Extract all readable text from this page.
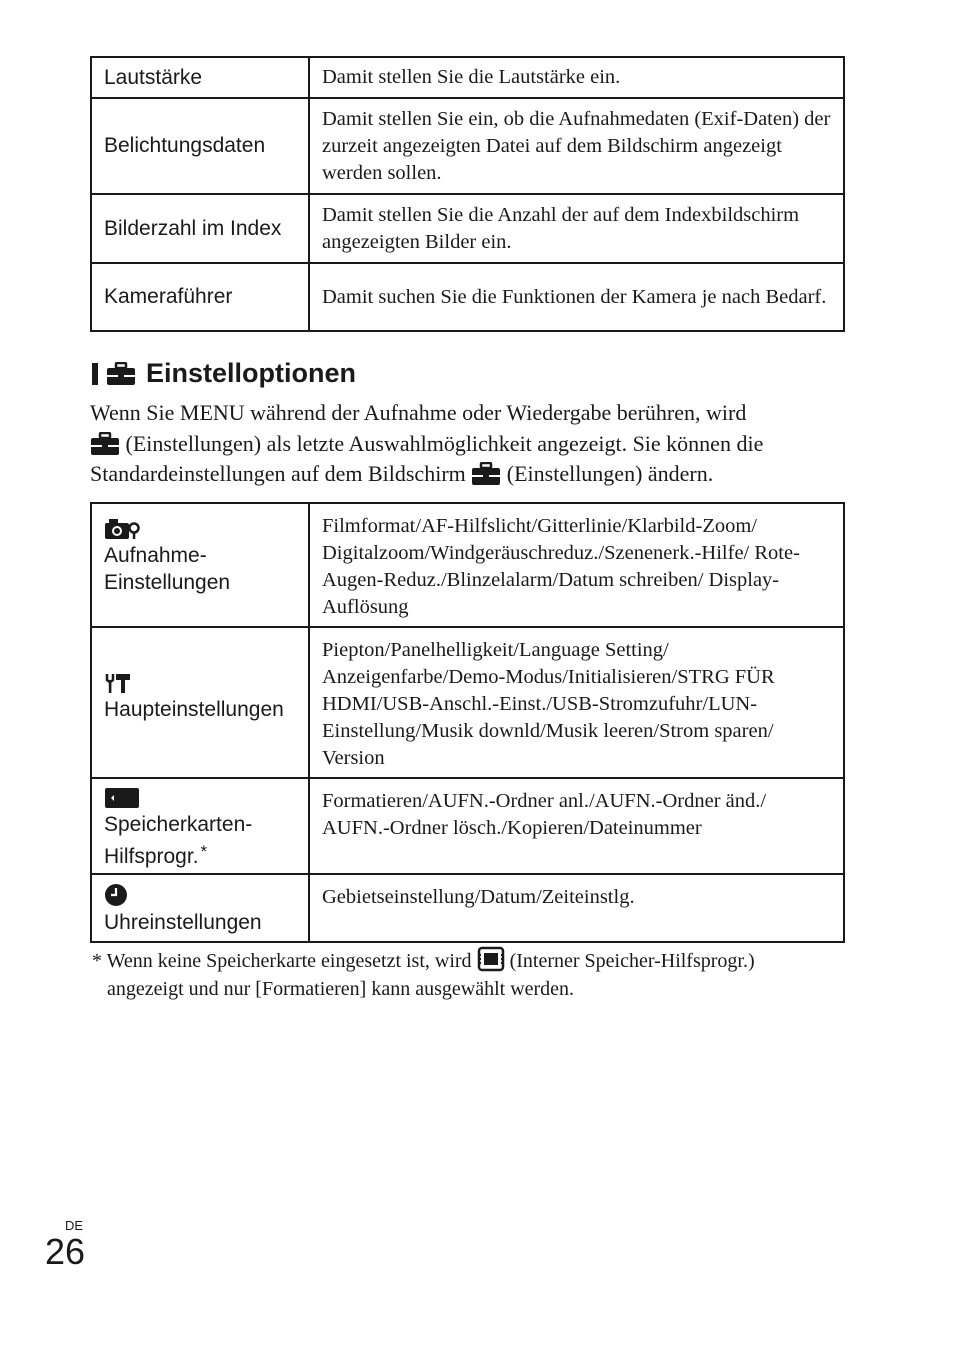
Lautstärke	Damit stellen Sie die Lautstärke ein.
Belichtungsdaten	Damit stellen Sie ein, ob die Aufnahmedaten (Exif-Daten) der zurzeit angezeigten Datei auf dem Bildschirm angezeigt werden sollen.
Bilderzahl im Index	Damit stellen Sie die Anzahl der auf dem Indexbildschirm angezeigten Bilder ein.
Kameraführer	Damit suchen Sie die Funktionen der Kamera je nach Bedarf.
Einstelloptionen
Wenn Sie MENU während der Aufnahme oder Wiedergabe berühren, wird
(Einstellungen) als letzte Auswahlmöglichkeit angezeigt. Sie können die Standardeinstellungen auf dem Bildschirm (Einstellungen) ändern.
Aufnahme-
Einstellungen	Filmformat/AF-Hilfslicht/Gitterlinie/Klarbild-Zoom/ Digitalzoom/Windgeräuschreduz./Szenenerk.-Hilfe/ Rote-Augen-Reduz./Blinzelalarm/Datum schreiben/ Display-Auflösung

Haupteinstellungen	Piepton/Panelhelligkeit/Language Setting/ Anzeigenfarbe/Demo-Modus/Initialisieren/STRG FÜR HDMI/USB-Anschl.-Einst./USB-Stromzufuhr/LUN-Einstellung/Musik downld/Musik leeren/Strom sparen/ Version

Speicherkarten-
Hilfsprogr. *	Formatieren/AUFN.-Ordner anl./AUFN.-Ordner änd./ AUFN.-Ordner lösch./Kopieren/Dateinummer

Uhreinstellungen	Gebietseinstellung/Datum/Zeiteinstlg.
* Wenn keine Speicherkarte eingesetzt ist, wird (Interner Speicher-Hilfsprogr.)
angezeigt und nur [Formatieren] kann ausgewählt werden.
DE
26
